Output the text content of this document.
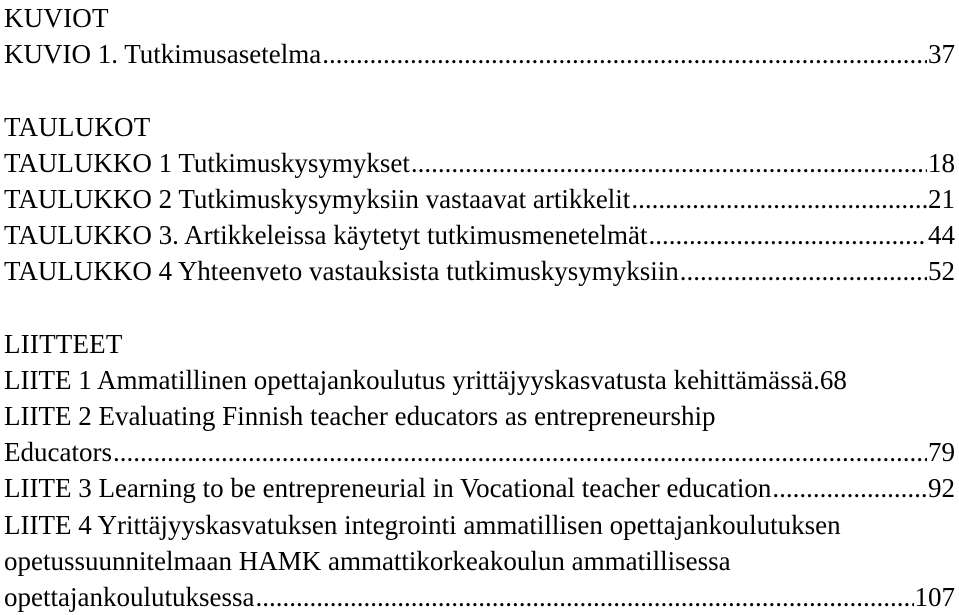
KUVIOT
KUVIO 1. Tutkimusasetelma .....	37
TAULUKOT
TAULUKKO 1 Tutkimuskysymykset .....	18
TAULUKKO 2 Tutkimuskysymyksiin vastaavat artikkelit .....	21
TAULUKKO 3. Artikkeleissa käytetyt tutkimusmenetelmät .....	44
TAULUKKO 4 Yhteenveto vastauksista tutkimuskysymyksiin .....	52
LIITTEET
LIITE 1 Ammatillinen opettajankoulutus yrittäjyyskasvatusta kehittämässä. 68
LIITE 2 Evaluating Finnish teacher educators as entrepreneurship
Educators .....	79
LIITE 3 Learning to be entrepreneurial in Vocational teacher education .....	92
LIITE 4 Yrittäjyyskasvatuksen integrointi ammatillisen opettajankoulutuksen
opetussuunnitelmaan HAMK ammattikorkeakoulun ammatillisessa
opettajankoulutuksessa .....	107
